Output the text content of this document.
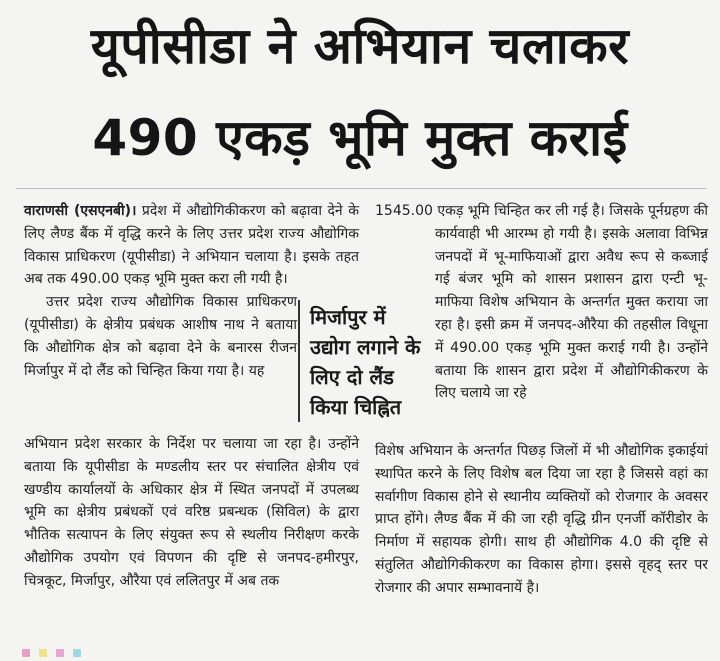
यूपीसीडा ने अभियान चलाकर
490 एकड़ भूमि मुक्त कराई

वाराणसी (एसएनबी)। प्रदेश में औद्योगिकीकरण को बढ़ावा देने के लिए लैण्ड बैंक में वृद्धि करने के लिए उत्तर प्रदेश राज्य औद्योगिक विकास प्राधिकरण (यूपीसीडा) ने अभियान चलाया है। इसके तहत अब तक 490.00 एकड़ भूमि मुक्त करा ली गयी है।

उत्तर प्रदेश राज्य औद्योगिक विकास प्राधिकरण (यूपीसीडा) के क्षेत्रीय प्रबंधक आशीष नाथ ने बताया कि औद्योगिक क्षेत्र को बढ़ावा देने के बनारस रीजन मिर्जापुर में दो लैंड को चिन्हित किया गया है। यह

1545.00 एकड़ भूमि चिन्हित कर ली गई है। जिसके पूर्नग्रहण की कार्यवाही भी आरम्भ हो गयी है। इसके अलावा विभिन्न जनपदों में भू-माफियाओं द्वारा अवैध रूप से कब्जाई गई बंजर भूमि को शासन प्रशासन द्वारा एन्टी भू-माफिया विशेष अभियान के अन्तर्गत मुक्त कराया जा रहा है। इसी क्रम में जनपद-औरैया की तहसील विधूना में 490.00 एकड़ भूमि मुक्त कराई गयी है। उन्होंने बताया कि शासन द्वारा प्रदेश में औद्योगिकीकरण के लिए चलाये जा रहे

अभियान प्रदेश सरकार के निर्देश पर चलाया जा रहा है। उन्होंने बताया कि यूपीसीडा के मण्डलीय स्तर पर संचालित क्षेत्रीय एवं खण्डीय कार्यालयों के अधिकार क्षेत्र में स्थित जनपदों में उपलब्ध भूमि का क्षेत्रीय प्रबंधकों एवं वरिष्ठ प्रबन्धक (सिविल) के द्वारा भौतिक सत्यापन के लिए संयुक्त रूप से स्थलीय निरीक्षण करके औद्योगिक उपयोग एवं विपणन की दृष्टि से जनपद-हमीरपुर, चित्रकूट, मिर्जापुर, औरैया एवं ललितपुर में अब तक

विशेष अभियान के अन्तर्गत पिछड़ जिलों में भी औद्योगिक इकाईयां स्थापित करने के लिए विशेष बल दिया जा रहा है जिससे वहां का सर्वागीण विकास होने से स्थानीय व्यक्तियों को रोजगार के अवसर प्राप्त होंगे। लैण्ड बैंक में की जा रही वृद्धि ग्रीन एनर्जी कॉरीडोर के निर्माण में सहायक होगी। साथ ही औद्योगिक 4.0 की दृष्टि से संतुलित औद्योगिकीकरण का विकास होगा। इससे वृहद् स्तर पर रोजगार की अपार सम्भावनायें है।

मिर्जापुर में उद्योग लगाने के लिए दो लैंड किया चिह्नित
